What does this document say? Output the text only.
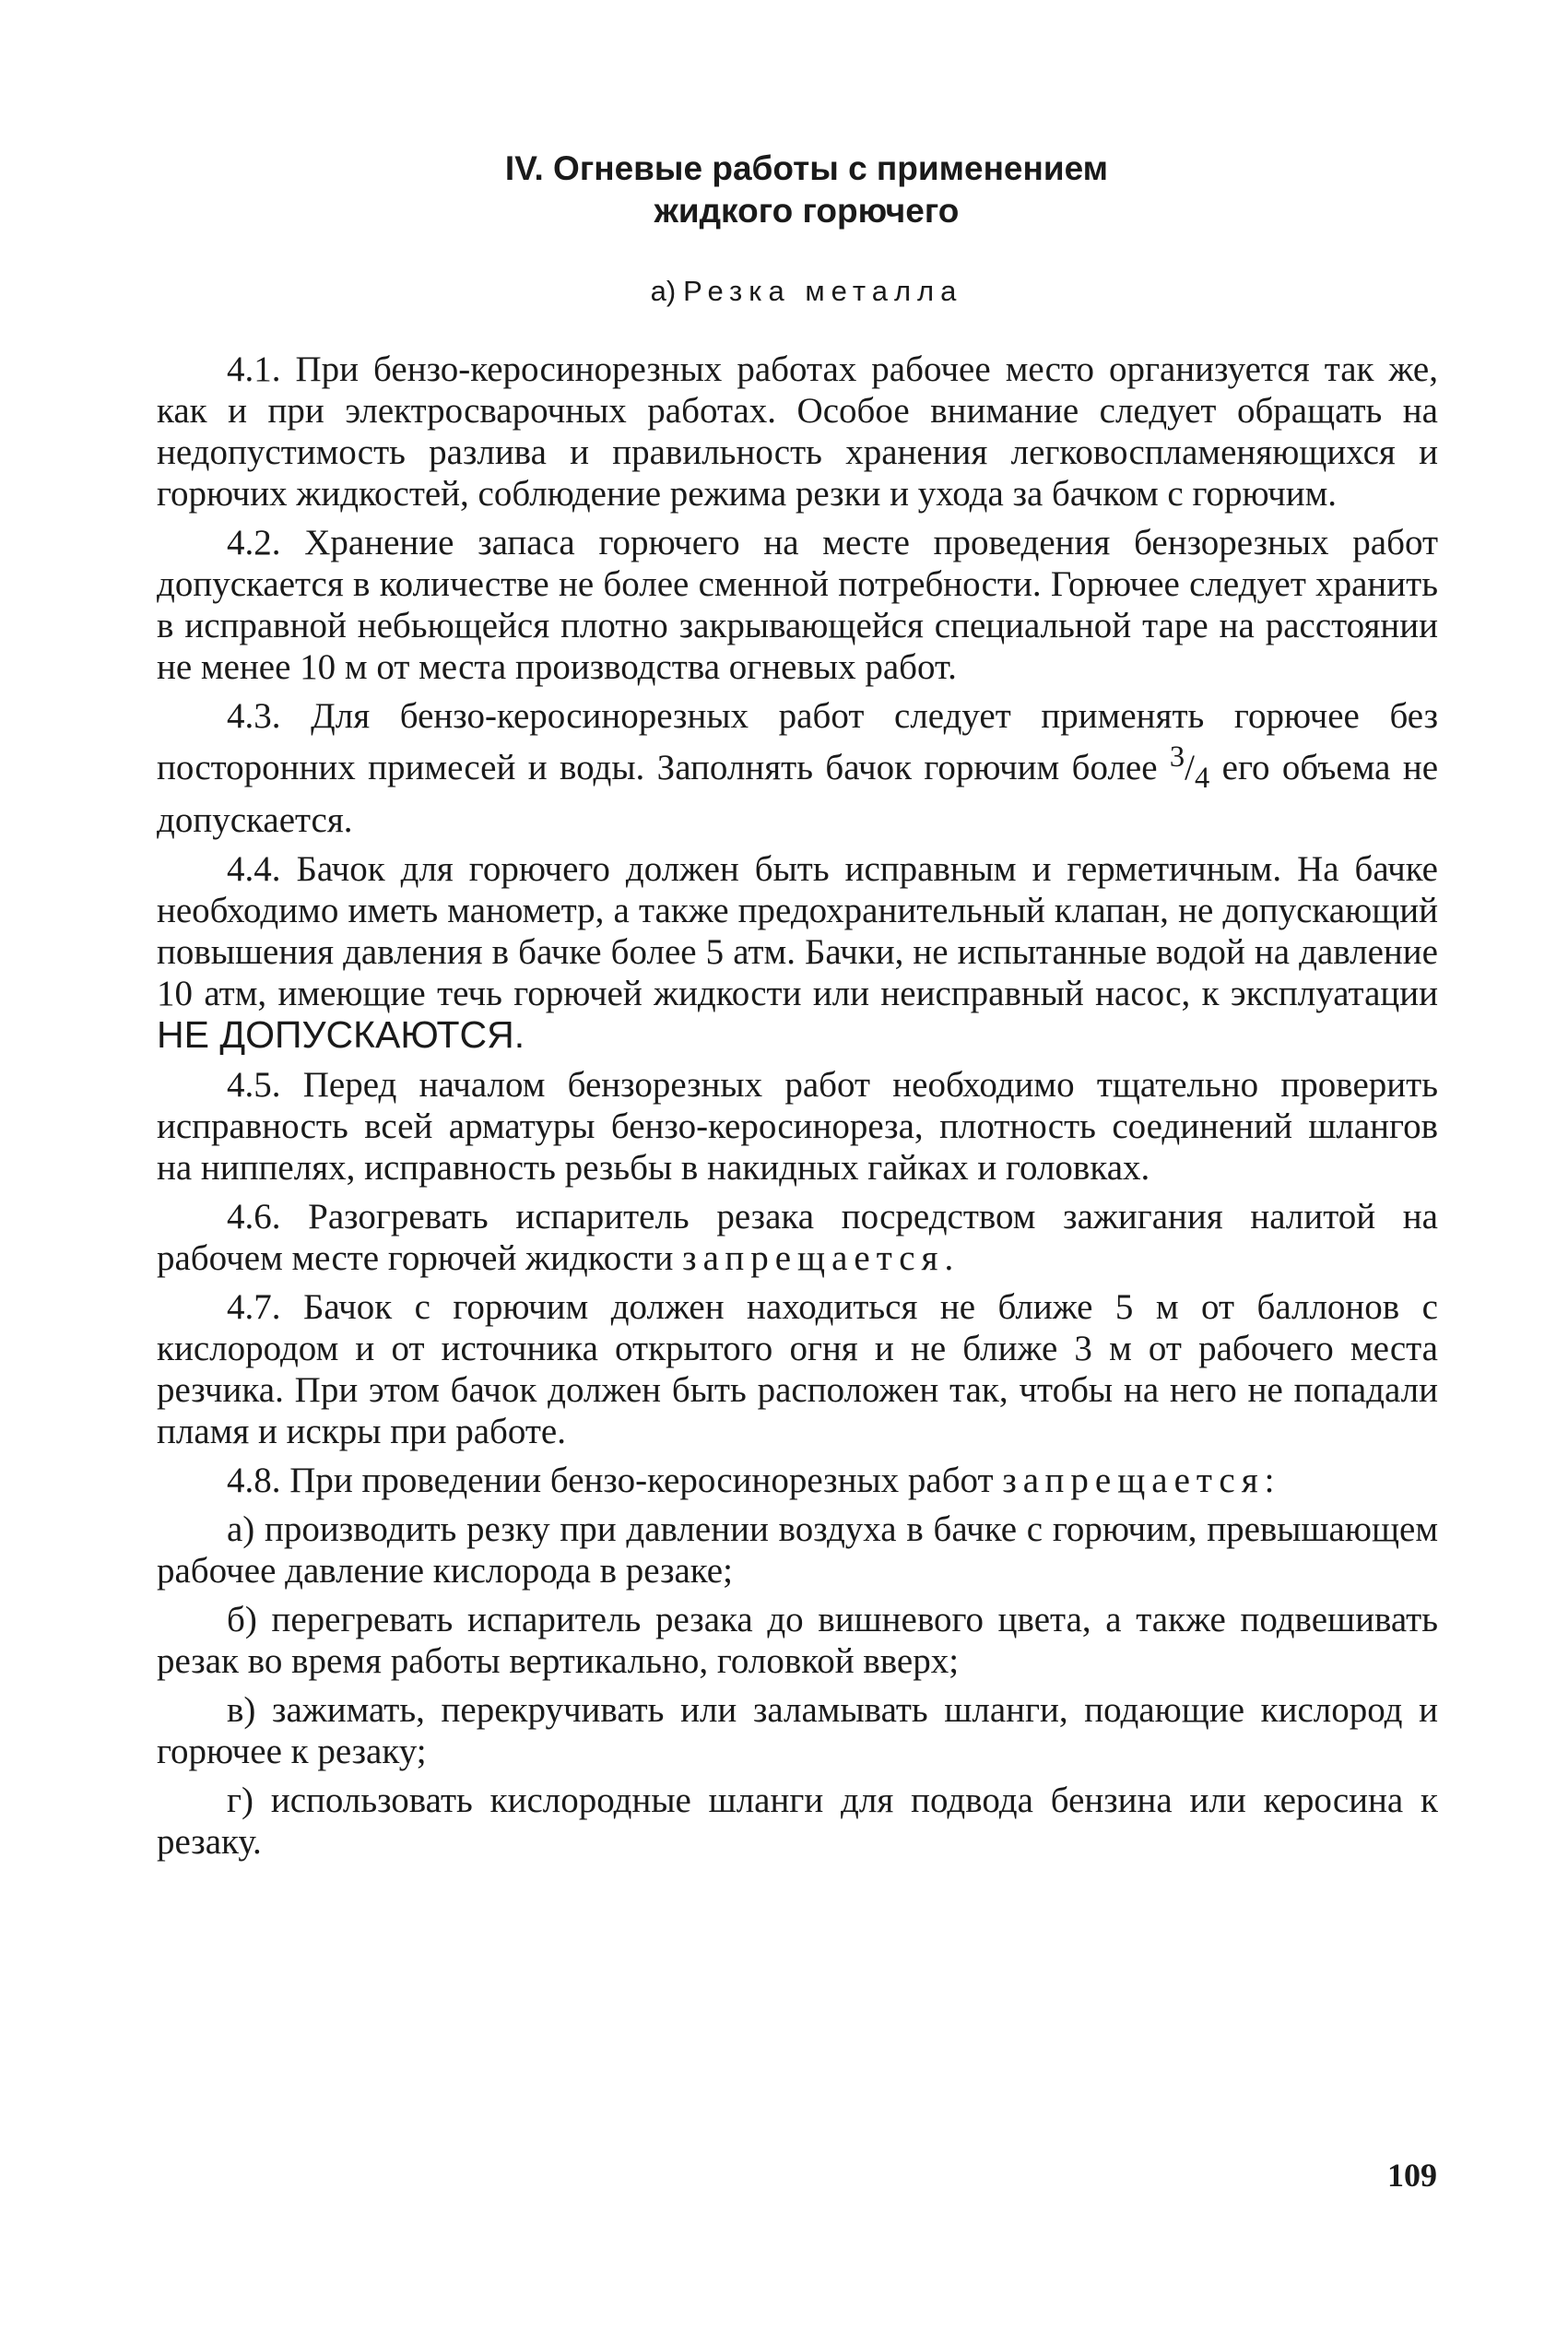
IV. Огневые работы с применением
жидкого горючего
а) Резка металла

4.1. При бензо-керосинорезных работах рабочее место организуется так же, как и при электросварочных работах. Особое внимание следует обращать на недопустимость разлива и правильность хранения легковоспламеняющихся и горючих жидкостей, соблюдение режима резки и ухода за бачком с горючим.

4.2. Хранение запаса горючего на месте проведения бензорезных работ допускается в количестве не более сменной потребности. Горючее следует хранить в исправной небьющейся плотно закрывающейся специальной таре на расстоянии не менее 10 м от места производства огневых работ.

4.3. Для бензо-керосинорезных работ следует применять горючее без посторонних примесей и воды. Заполнять бачок горючим более $^3/_4$ его объема не допускается.

4.4. Бачок для горючего должен быть исправным и герметичным. На бачке необходимо иметь манометр, а также предохранительный клапан, не допускающий повышения давления в бачке более 5 атм. Бачки, не испытанные водой на давление 10 атм, имеющие течь горючей жидкости или неисправный насос, к эксплуатации НЕ ДОПУСКАЮТСЯ.

4.5. Перед началом бензорезных работ необходимо тщательно проверить исправность всей арматуры бензо-керосинореза, плотность соединений шлангов на ниппелях, исправность резьбы в накидных гайках и головках.

4.6. Разогревать испаритель резака посредством зажигания налитой на рабочем месте горючей жидкости запрещается.

4.7. Бачок с горючим должен находиться не ближе 5 м от баллонов с кислородом и от источника открытого огня и не ближе 3 м от рабочего места резчика. При этом бачок должен быть расположен так, чтобы на него не попадали пламя и искры при работе.

4.8. При проведении бензо-керосинорезных работ запрещается:

а) производить резку при давлении воздуха в бачке с горючим, превышающем рабочее давление кислорода в резаке;

б) перегревать испаритель резака до вишневого цвета, а также подвешивать резак во время работы вертикально, головкой вверх;

в) зажимать, перекручивать или заламывать шланги, подающие кислород и горючее к резаку;

г) использовать кислородные шланги для подвода бензина или керосина к резаку.

109
